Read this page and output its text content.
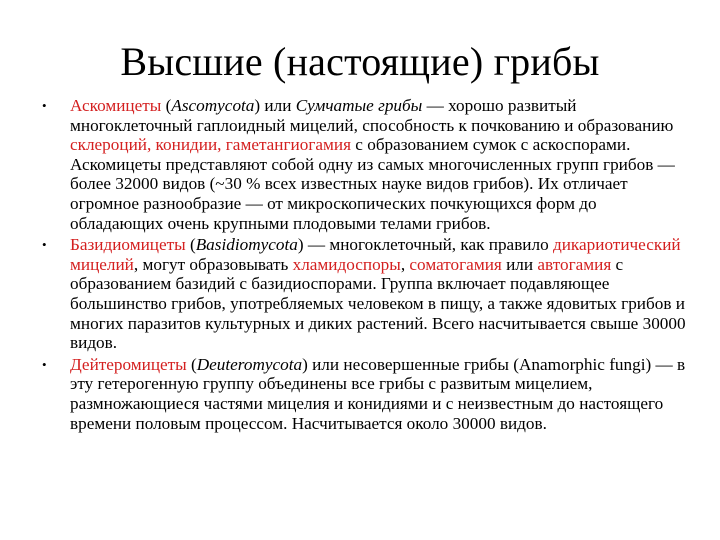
Высшие (настоящие) грибы
•	Аскомицеты (Ascomycota) или Сумчатые грибы — хорошо развитый многоклеточный гаплоидный мицелий, способность к почкованию и образованию склероций, конидии, гаметангиогамия с образованием сумок с аскоспорами. Аскомицеты представляют собой одну из самых многочисленных групп грибов — более 32000 видов (~30 % всех известных науке видов грибов). Их отличает огромное разнообразие — от микроскопических почкующихся форм до обладающих очень крупными плодовыми телами грибов.
•	Базидиомицеты (Basidiomycota) — многоклеточный, как правило дикариотический мицелий, могут образовывать хламидоспоры, соматогамия или автогамия с образованием базидий с базидиоспорами. Группа включает подавляющее большинство грибов, употребляемых человеком в пищу, а также ядовитых грибов и многих паразитов культурных и диких растений. Всего насчитывается свыше 30000 видов.
•	Дейтеромицеты (Deuteromycota) или несовершенные грибы (Anamorphic fungi) — в эту гетерогенную группу объединены все грибы с развитым мицелием, размножающиеся частями мицелия и конидиями и с неизвестным до настоящего времени половым процессом. Насчитывается около 30000 видов.
